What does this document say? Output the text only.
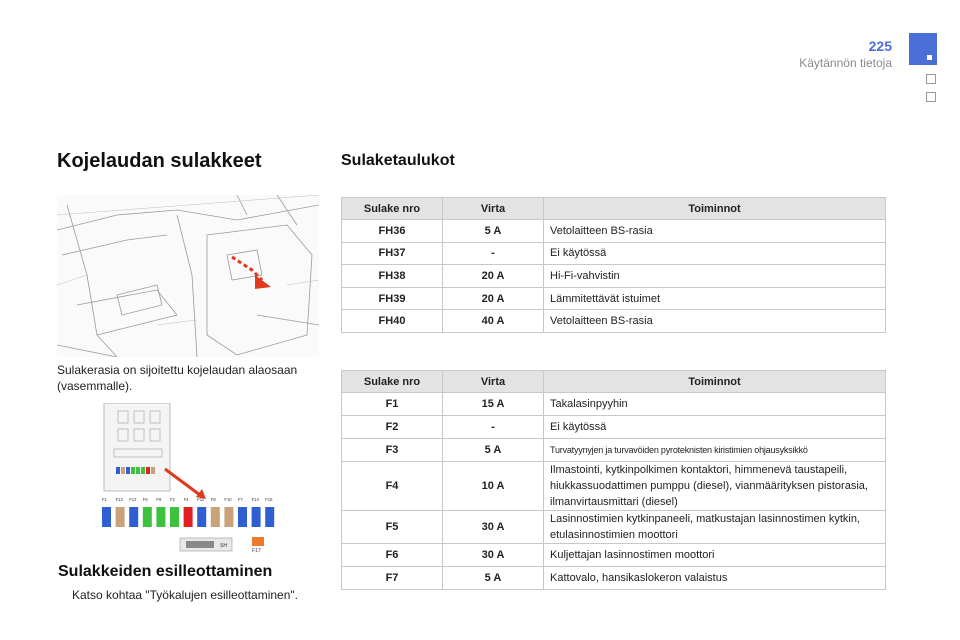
225
Käytännön tietoja
Kojelaudan sulakkeet
Sulakerasia on sijoitettu kojelaudan alaosaan (vasemmalle).
F1 F13 F12 F6 F9 F2 F4 F11 F8 F10 F7 F14 F15
SH
F17
Sulakkeiden esilleottaminen
Katso kohtaa "Työkalujen esilleottaminen".
Sulaketaulukot
Sulake nro	Virta	Toiminnot
FH36	5 A	Vetolaitteen BS-rasia
FH37	-	Ei käytössä
FH38	20 A	Hi-Fi-vahvistin
FH39	20 A	Lämmitettävät istuimet
FH40	40 A	Vetolaitteen BS-rasia
Sulake nro	Virta	Toiminnot
F1	15 A	Takalasinpyyhin
F2	-	Ei käytössä
F3	5 A	Turvatyynyjen ja turvavöiden pyroteknisten kiristimien ohjausyksikkö
F4	10 A	Ilmastointi, kytkinpolkimen kontaktori, himmenevä taustapeili, hiukkassuodattimen pumppu (diesel), vianmäärityksen pistorasia, ilmanvirtausmittari (diesel)
F5	30 A	Lasinnostimien kytkinpaneeli, matkustajan lasinnostimen kytkin, etulasinnostimien moottori
F6	30 A	Kuljettajan lasinnostimen moottori
F7	5 A	Kattovalo, hansikaslokeron valaistus
